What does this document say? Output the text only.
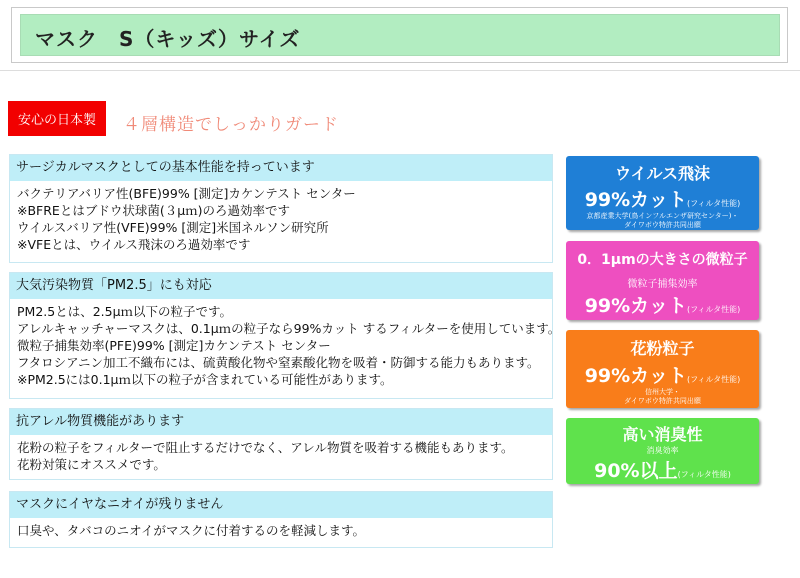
マスク　S（キッズ）サイズ
安心の日本製	４層構造でしっかりガード
サージカルマスクとしての基本性能を持っています
バクテリアバリア性(BFE)99% [測定]カケンテスト センター
※BFREとはブドウ状球菌(３μｍ)のろ過効率です
ウイルスバリア性(VFE)99% [測定]米国ネルソン研究所
※VFEとは、ウイルス飛沫のろ過効率です
大気汚染物質「PM2.5」にも対応
PM2.5とは、2.5μｍ以下の粒子です。
アレルキャッチャーマスクは、0.1μｍの粒子なら99%カット するフィルターを使用しています。
微粒子捕集効率(PFE)99% [測定]カケンテスト センター
フタロシアニン加工不織布には、硫黄酸化物や窒素酸化物を吸着・防御する能力もあります。
※PM2.5には0.1μｍ以下の粒子が含まれている可能性があります。
抗アレル物質機能があります
花粉の粒子をフィルターで阻止するだけでなく、アレル物質を吸着する機能もあります。
花粉対策にオススメです。
マスクにイヤなニオイが残りません
口臭や、タバコのニオイがマスクに付着するのを軽減します。
ウイルス飛沫
99%カット(フィルタ性能)
京都産業大学(鳥インフルエンザ研究センター)・
ダイワボウ特許共同出願
0．1μmの大きさの微粒子
微粒子捕集効率
99%カット(フィルタ性能)
花粉粒子
99%カット(フィルタ性能)
信州大学・
ダイワボウ特許共同出願
高い消臭性
消臭効率
90%以上(フィルタ性能)
